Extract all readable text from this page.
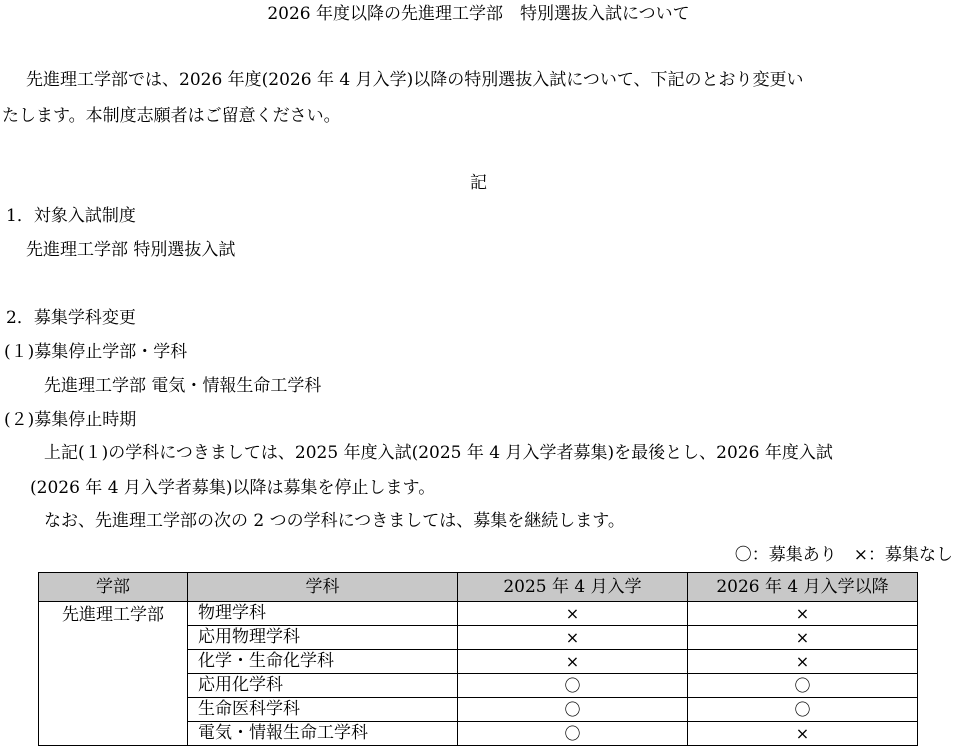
2026 年度以降の先進理工学部　特別選抜入試について
先進理工学部では、2026 年度(2026 年 4 月入学)以降の特別選抜入試について、下記のとおり変更い
たします。本制度志願者はご留意ください。
記
1．対象入試制度
先進理工学部 特別選抜入試
2．募集学科変更
(１)募集停止学部・学科
先進理工学部 電気・情報生命工学科
(２)募集停止時期
上記(１)の学科につきましては、2025 年度入試(2025 年 4 月入学者募集)を最後とし、2026 年度入試
(2026 年 4 月入学者募集)以降は募集を停止します。
なお、先進理工学部の次の 2 つの学科につきましては、募集を継続します。
〇：募集あり　×：募集なし
学部	学科	2025 年 4 月入学	2026 年 4 月入学以降
先進理工学部	物理学科	×	×
	応用物理学科	×	×
	化学・生命化学科	×	×
	応用化学科	〇	〇
	生命医科学科	〇	〇
	電気・情報生命工学科	〇	×
